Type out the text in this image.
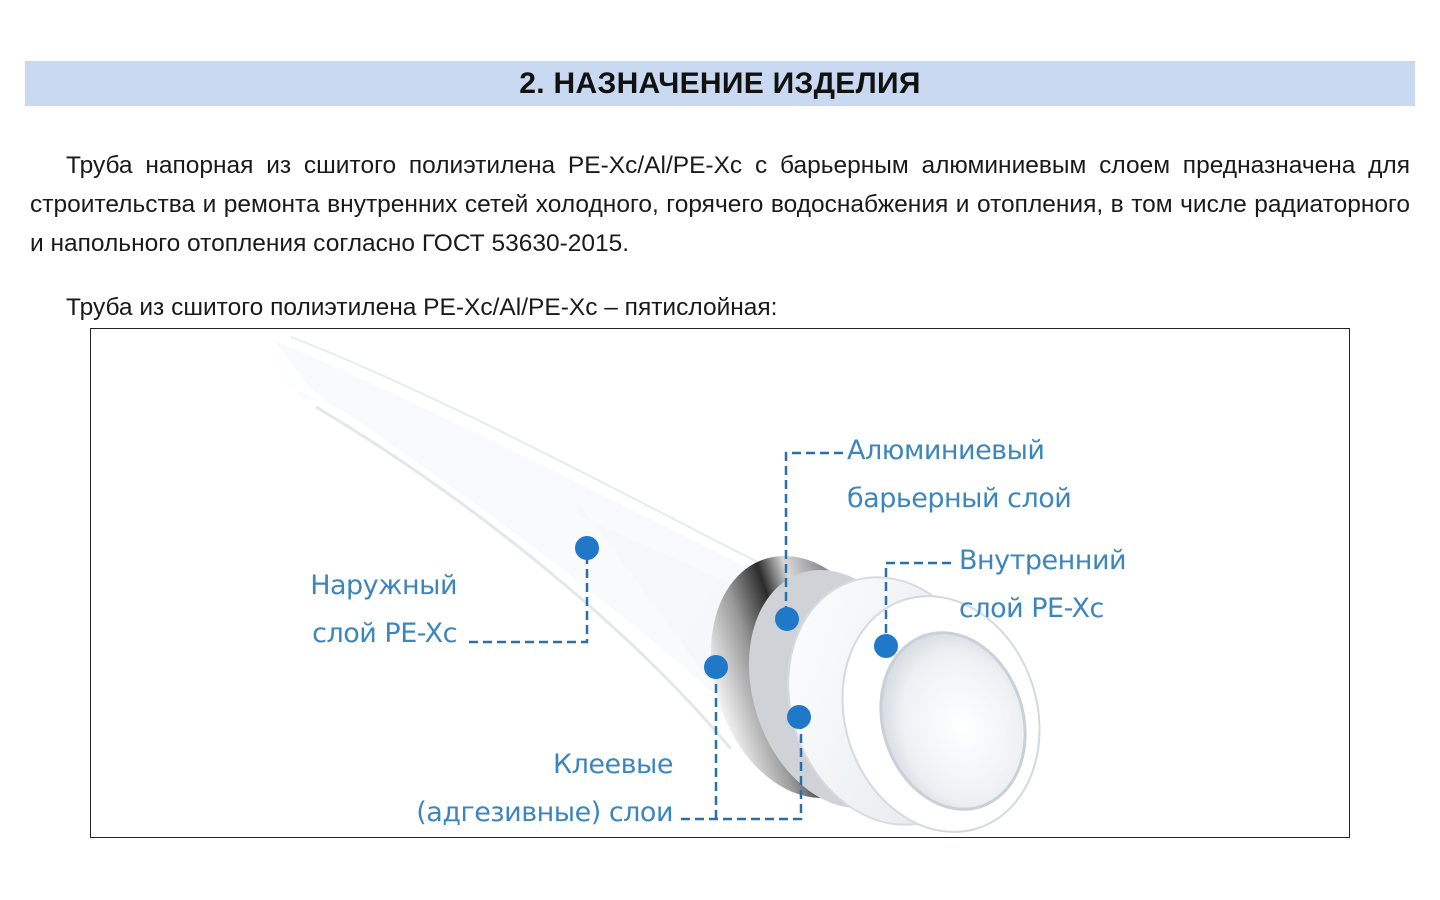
2. НАЗНАЧЕНИЕ ИЗДЕЛИЯ

Труба напорная из сшитого полиэтилена PE-Xc/Al/PE-Xc с барьерным алюминиевым слоем предназначена для строительства и ремонта внутренних сетей холодного, горячего водоснабжения и отопления, в том числе радиаторного и напольного отопления согласно ГОСТ 53630-2015.

Труба из сшитого полиэтилена PE-Xc/Al/PE-Xc – пятислойная:

Алюминиевый
барьерный слой
Внутренний
слой PE-Xc
Наружный
слой PE-Xc
Клеевые
(адгезивные) слои
